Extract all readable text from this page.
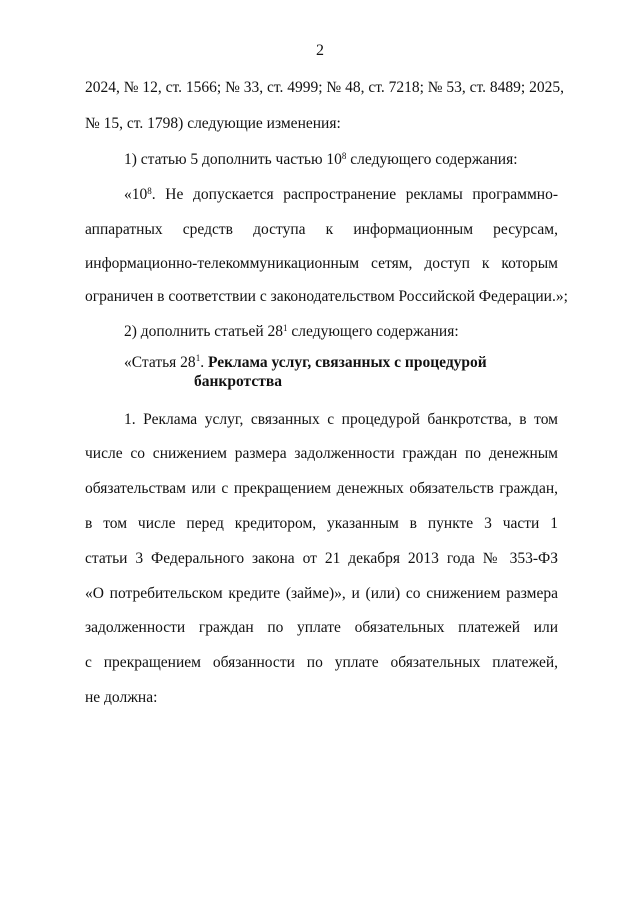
2
2024, № 12, ст. 1566; № 33, ст. 4999; № 48, ст. 7218; № 53, ст. 8489; 2025,
№ 15, ст. 1798) следующие изменения:
1) статью 5 дополнить частью $10^8$ следующего содержания:
«$10^8$. Не допускается распространение рекламы программно-
аппаратных средств доступа к информационным ресурсам,
информационно-телекоммуникационным сетям, доступ к которым
ограничен в соответствии с законодательством Российской Федерации.»;
2) дополнить статьей $28^1$ следующего содержания:
«Статья $28^1$. Реклама услуг, связанных с процедурой
банкротства
1. Реклама услуг, связанных с процедурой банкротства, в том
числе со снижением размера задолженности граждан по денежным
обязательствам или с прекращением денежных обязательств граждан,
в том числе перед кредитором, указанным в пункте 3 части 1
статьи 3 Федерального закона от 21 декабря 2013 года № 353-ФЗ
«О потребительском кредите (займе)», и (или) со снижением размера
задолженности граждан по уплате обязательных платежей или
с прекращением обязанности по уплате обязательных платежей,
не должна:
